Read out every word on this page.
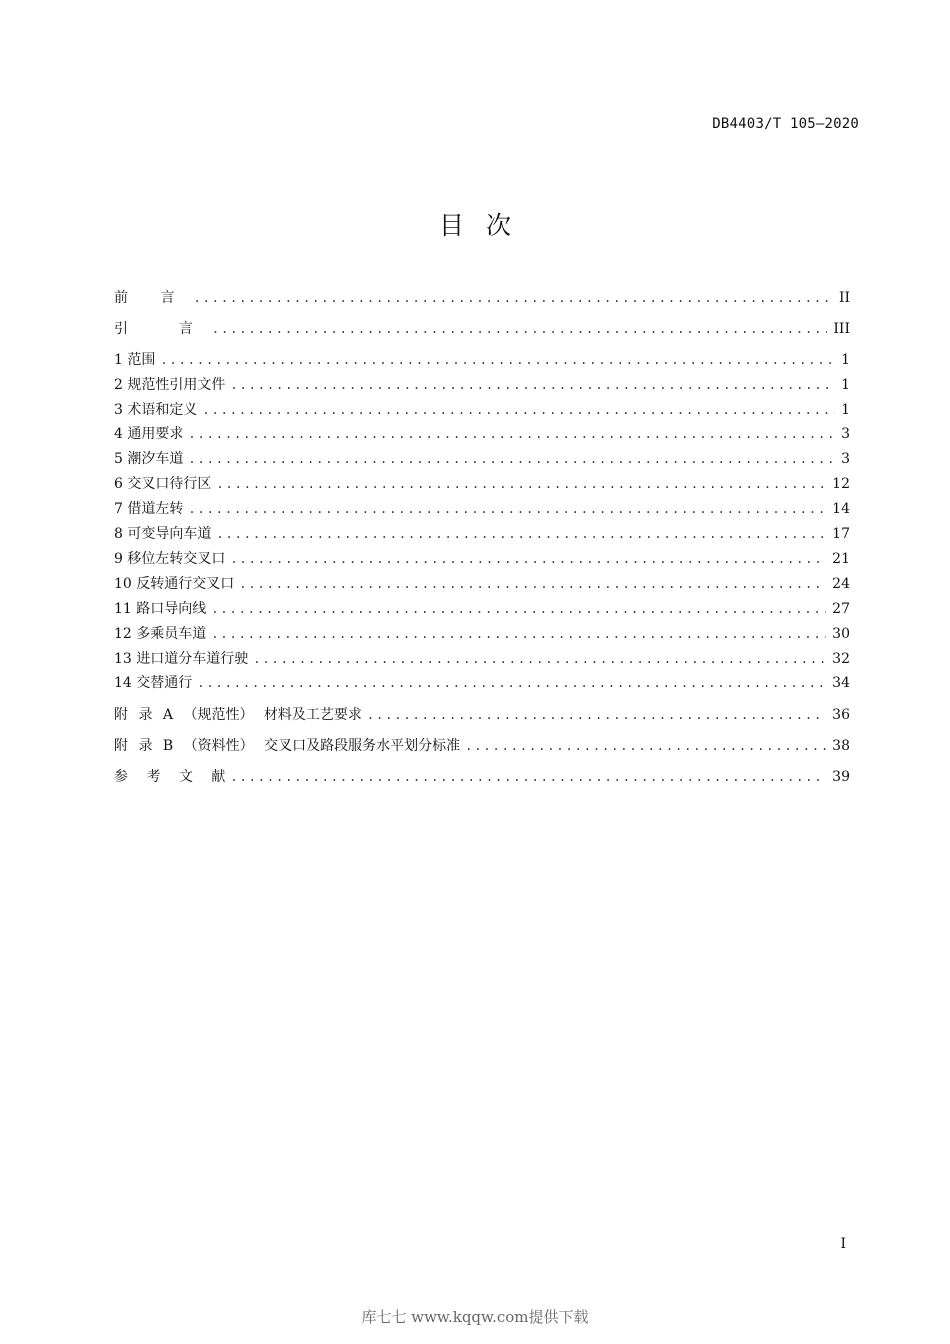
DB4403/T 105—2020
目次
前 言 .....	II
引  言 .....	III
1 范围 .....	1
2 规范性引用文件 .....	1
3 术语和定义 .....	1
4 通用要求 .....	3
5 潮汐车道 .....	3
6 交叉口待行区 .....	12
7 借道左转 .....	14
8 可变导向车道 .....	17
9 移位左转交叉口 .....	21
10 反转通行交叉口 .....	24
11 路口导向线 .....	27
12 多乘员车道 .....	30
13 进口道分车道行驶 .....	32
14 交替通行 .....	34
附 录 A （规范性） 材料及工艺要求 .....	36
附 录 B （资料性） 交叉口及路段服务水平划分标准 .....	38
参 考 文 献 .....	39
I
库七七 www.kqqw.com提供下载
